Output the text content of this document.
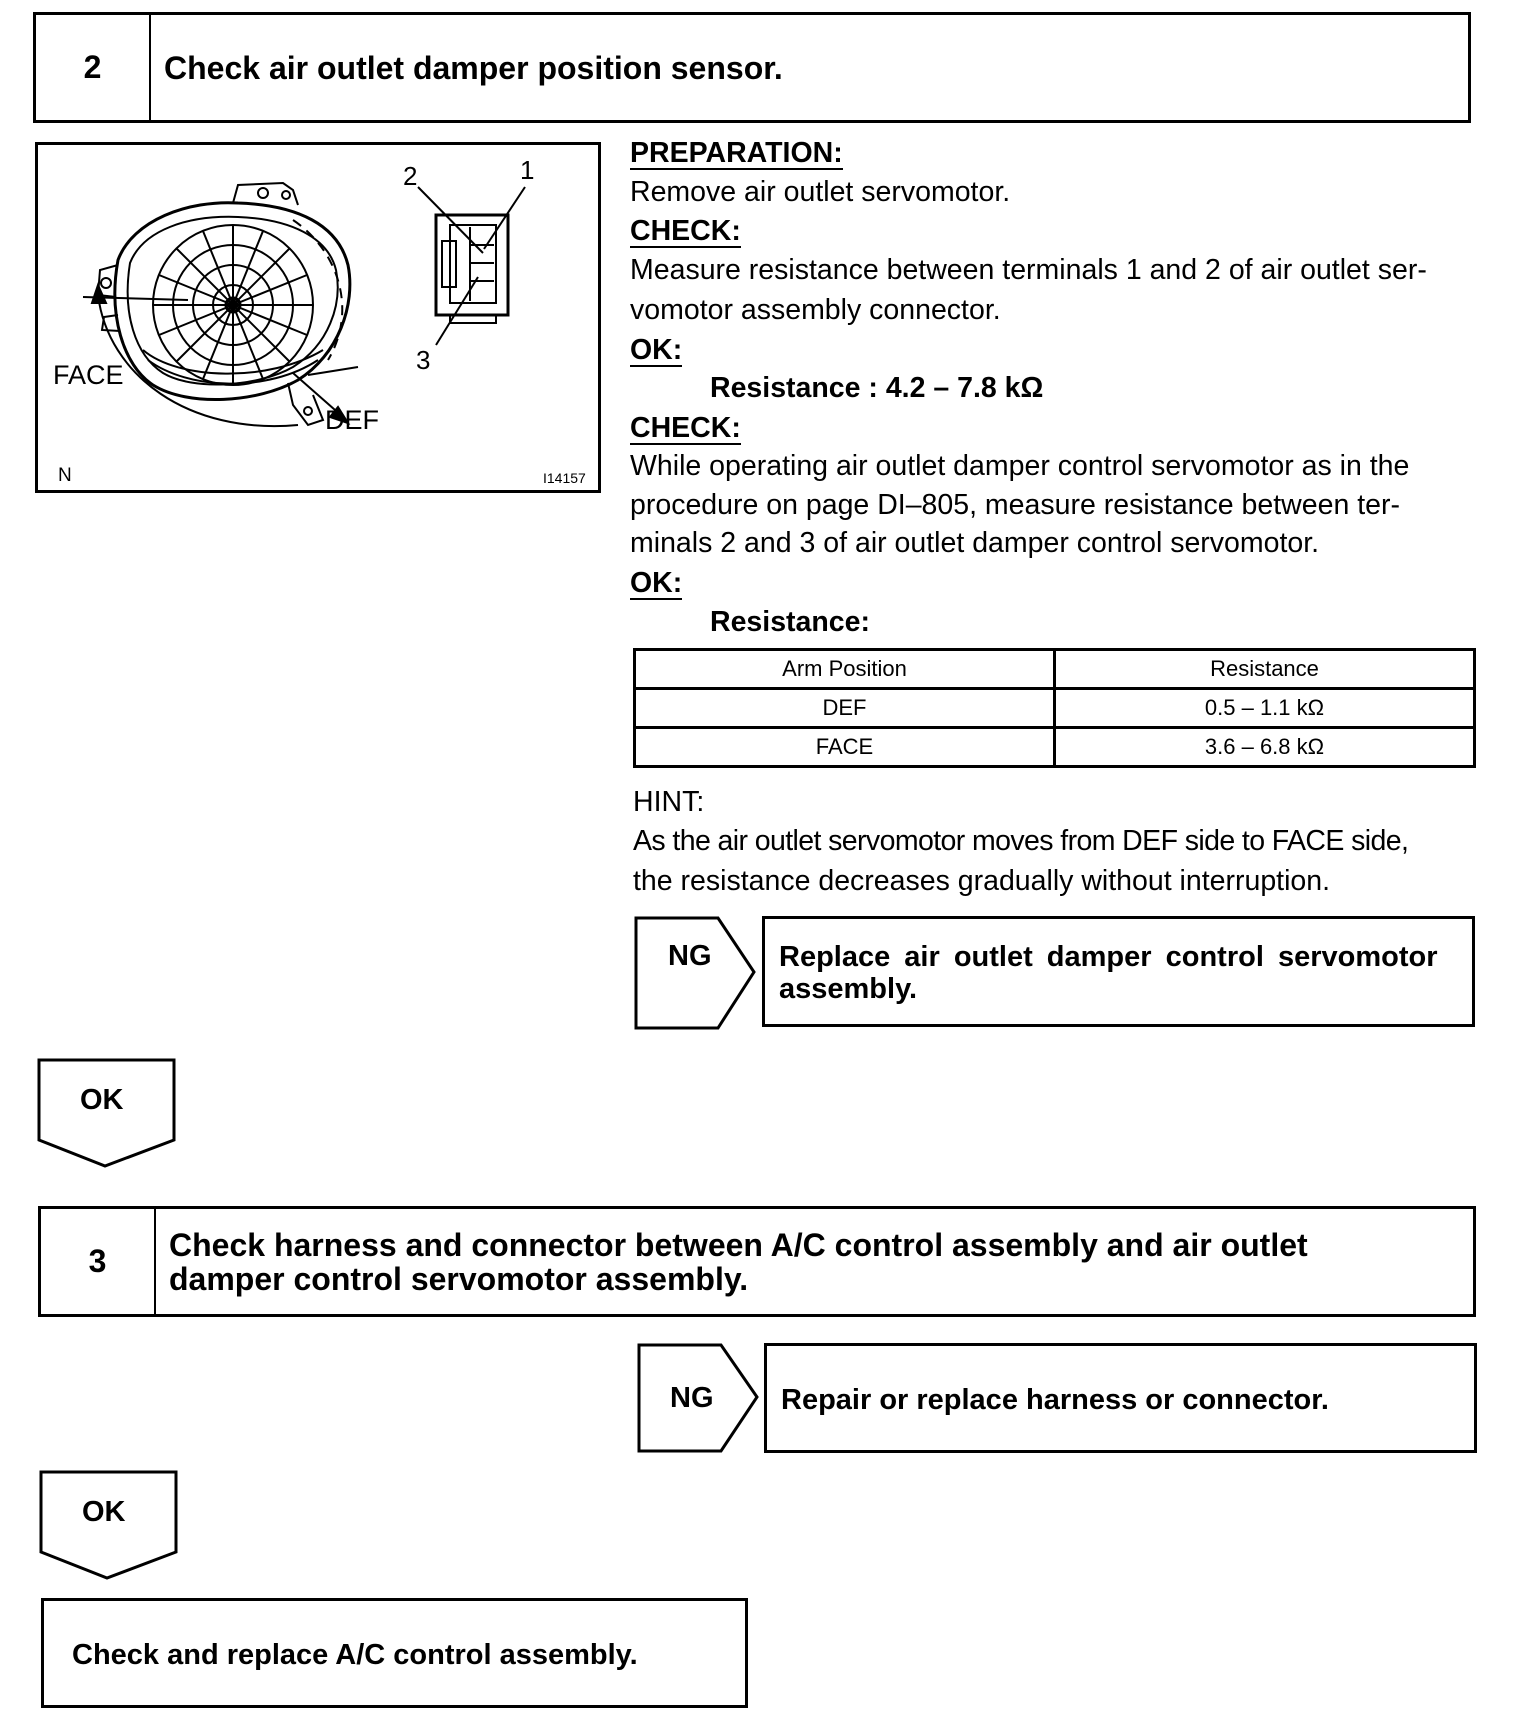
2	Check air outlet damper position sensor.
2	1
3
FACE
DEF
N	I14157
PREPARATION:
Remove air outlet servomotor.
CHECK:
Measure resistance between terminals 1 and 2 of air outlet ser-
vomotor assembly connector.
OK:
Resistance : 4.2 – 7.8 kΩ
CHECK:
While operating air outlet damper control servomotor as in the
procedure on page DI–805, measure resistance between ter-
minals 2 and 3 of air outlet damper control servomotor.
OK:
Resistance:
HINT:
As the air outlet servomotor moves from DEF side to FACE side,
the resistance decreases gradually without interruption.
Arm Position	Resistance
DEF	0.5 – 1.1 kΩ
FACE	3.6 – 6.8 kΩ
NG Replace air outlet damper control servomotor
assembly.
OK
3	Check harness and connector between A/C control assembly and air outlet
damper control servomotor assembly.
NG Repair or replace harness or connector.
OK
Check and replace A/C control assembly.
